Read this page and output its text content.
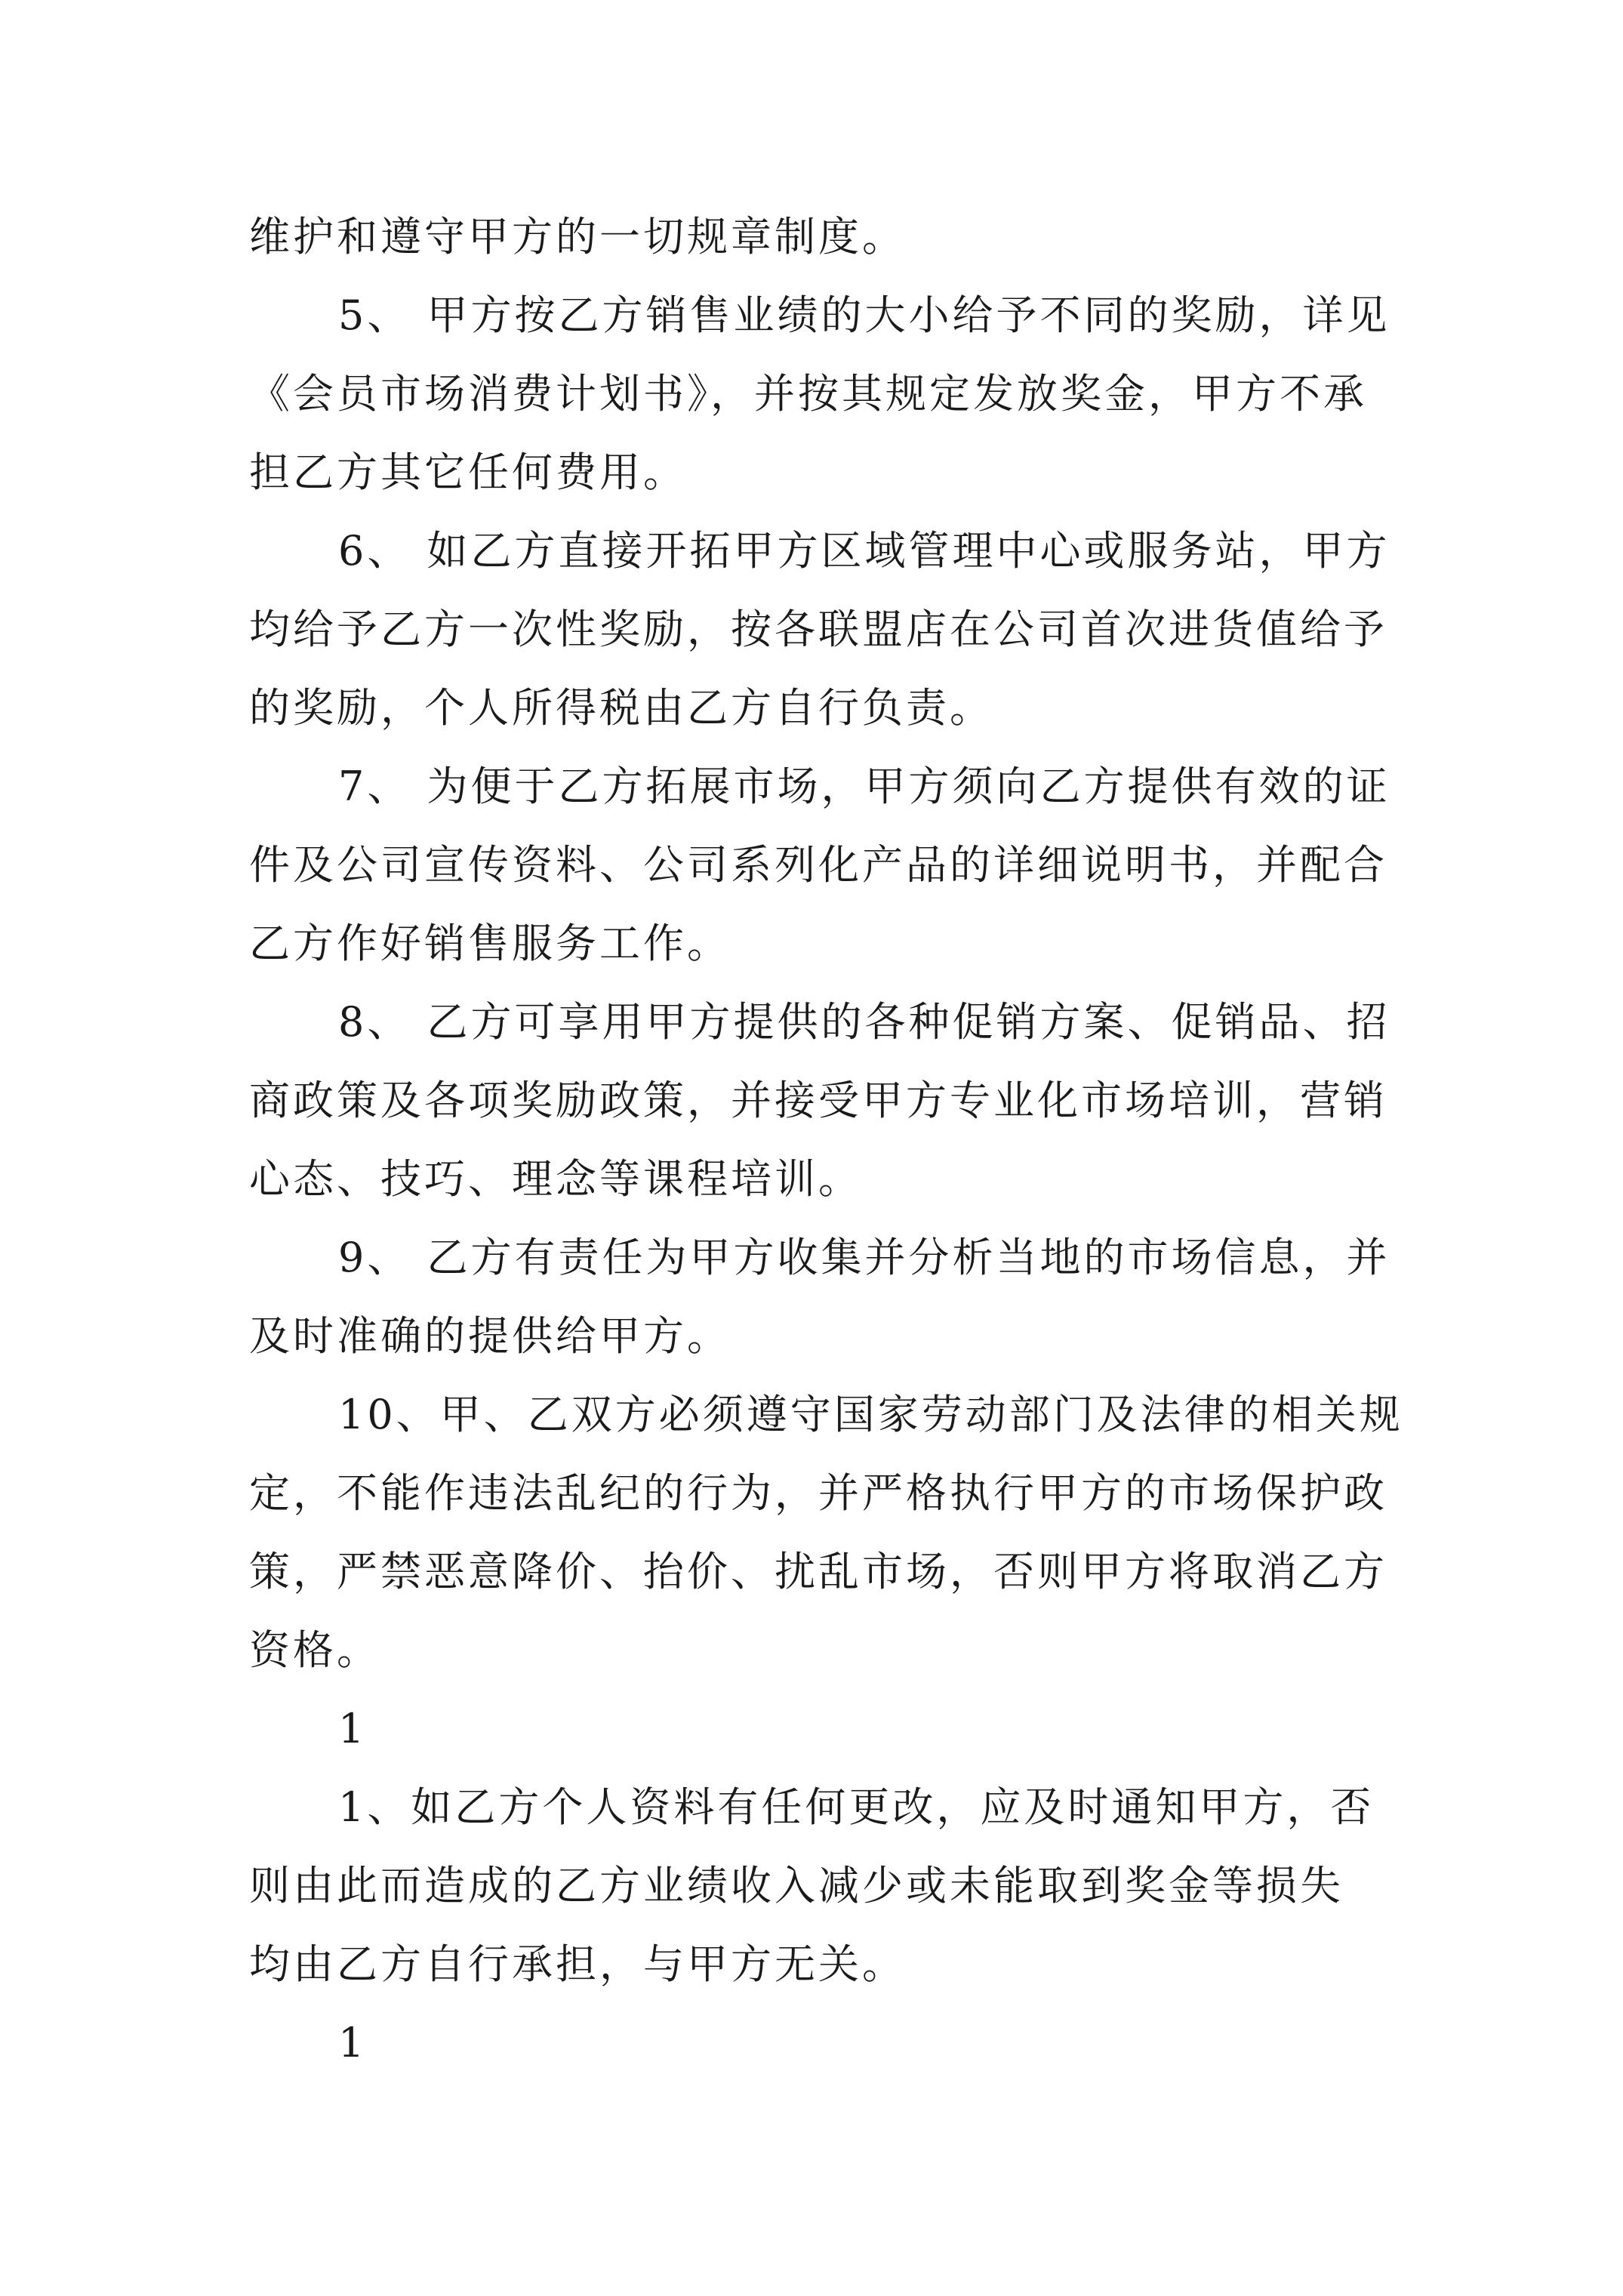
维护和遵守甲方的一切规章制度。
5、 甲方按乙方销售业绩的大小给予不同的奖励，详见
《会员市场消费计划书》，并按其规定发放奖金，甲方不承
担乙方其它任何费用。
6、 如乙方直接开拓甲方区域管理中心或服务站，甲方
均给予乙方一次性奖励，按各联盟店在公司首次进货值给予
的奖励，个人所得税由乙方自行负责。
7、 为便于乙方拓展市场，甲方须向乙方提供有效的证
件及公司宣传资料、公司系列化产品的详细说明书，并配合
乙方作好销售服务工作。
8、 乙方可享用甲方提供的各种促销方案、促销品、招
商政策及各项奖励政策，并接受甲方专业化市场培训，营销
心态、技巧、理念等课程培训。
9、 乙方有责任为甲方收集并分析当地的市场信息，并
及时准确的提供给甲方。
10、甲、乙双方必须遵守国家劳动部门及法律的相关规
定，不能作违法乱纪的行为，并严格执行甲方的市场保护政
策，严禁恶意降价、抬价、扰乱市场，否则甲方将取消乙方
资格。
1
1、如乙方个人资料有任何更改，应及时通知甲方，否
则由此而造成的乙方业绩收入减少或未能取到奖金等损失
均由乙方自行承担，与甲方无关。
1
